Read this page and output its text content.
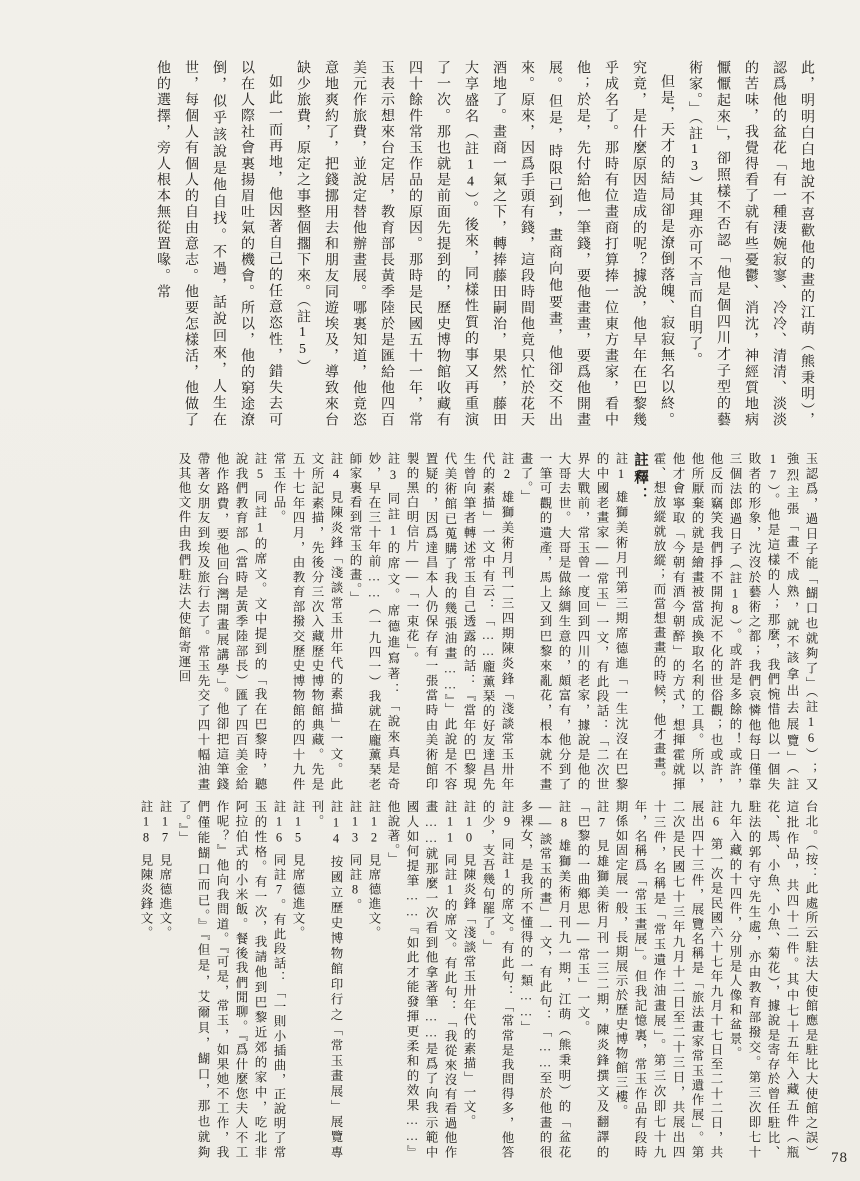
此，明明白白地說不喜歡他的畫的江萌（熊秉明），認爲他的盆花「有一種淒婉寂寥、冷冷、清清、淡淡的苦味，我覺得看了就有些憂鬱、消沈，神經質地病懨懨起來」，卻照樣不否認「他是個四川才子型的藝術家。」（註13）其理亦可不言而自明了。

但是，天才的結局卻是潦倒落魄、寂寂無名以終。究竟，是什麼原因造成的呢？據說，他早年在巴黎幾乎成名了。那時有位畫商打算捧一位東方畫家，看中他；於是，先付給他一筆錢，要他畫畫，要爲他開畫展。但是，時限已到，畫商向他要畫，他卻交不出來。原來，因爲手頭有錢，這段時間他竟只忙於花天酒地了。畫商一氣之下，轉捧藤田嗣治，果然，藤田大享盛名（註14）。後來，同樣性質的事又再重演了一次。那也就是前面先提到的，歷史博物館收藏有四十餘件常玉作品的原因。那時是民國五十一年，常玉表示想來台定居，教育部長黃季陸於是匯給他四百美元作旅費，並說定替他辦畫展。哪裏知道，他竟恣意地爽約了，把錢挪用去和朋友同遊埃及，導致來台缺少旅費，原定之事整個擱下來。（註15）

如此一而再地，他因著自己的任意恣性，錯失去可以在人際社會裏揚眉吐氣的機會。所以，他的窮途潦倒，似乎該說是他自找。不過，話說回來，人生在世，每個人有個人的自由意志。他要怎樣活，他做了他的選擇，旁人根本無從置喙。常

玉認爲，過日子能「餬口也就夠了」（註16）；又強烈主張「畫不成熟，就不該拿出去展覽」（註17）。他是這樣的人；那麼，我們惋惜他以一個失敗者的形象，沈沒於藝術之都；我們哀憐他每日僅靠三個法郎過日子（註18）。或許是多餘的！或許，他反而竊笑我們掙不開拘泥不化的世俗觀；也或許，他所厭棄的就是繪畫被當成換取名利的工具。所以，他才會寧取「今朝有酒今朝醉」的方式，想揮霍就揮霍、想放縱就放縱；而當想畫畫的時候，他才畫畫。

註釋：

註1雄獅美術月刊第三期席德進「一生沈沒在巴黎的中國老畫家——常玉」一文，有此段話：「二次世界大戰前，常玉曾一度回到四川的老家，據說是他的大哥去世。大哥是做絲綢生意的，頗富有，他分到了一筆可觀的遺產，馬上又到巴黎來亂花，根本就不畫畫了。」

註2雄獅美術月刊一三四期陳炎鋒「淺談常玉卅年代的素描」一文中有云：「……龐薰琹的好友達昌先生曾向筆者轉述常玉自己透露的話：『當年的巴黎現代美術館已蒐購了我的幾張油畫……』」此說是不容置疑的，因爲達昌本人仍保存有一張當時由美術館印製的黑白明信片——「一束花」。

註3同註1的席文。席德進寫著：「說來真是奇妙，早在三十年前……（一九四一）我就在龐薰琹老師家裏看到常玉的畫。」

註4見陳炎鋒「淺談常玉卅年代的素描」一文。此文所記素描，先後分三次入藏歷史博物館典藏。先是五十七年四月，由教育部撥交歷史博物館的四十九件常玉作品。

註5同註1的席文。文中提到的「我在巴黎時，聽說我們教育部（當時是黃季陸部長）匯了四百美金給他作路費，要他回台灣開畫展講學」。他卻把這筆錢帶著女朋友到埃及旅行去了。常玉先交了四十幅油畫及其他文件由我們駐法大使館寄運回

台北。（按：此處所云駐法大使館應是駐比大使館之誤）這批作品，共四十二件。其中七十五年入藏五件（瓶花、馬、小魚、小魚、菊花），據說是寄存於曾任駐比、駐法的郭有守先生處，亦由教育部撥交。第三次即七十九年入藏的十四件，分別是人像和盆景。

註6第一次是民國六十七年九月十七日至二十二日，共展出四十三件，展覽名稱是「旅法畫家常玉遺作展」。第二次是民國七十三年九月十二日至二十三日，共展出四十三件，名稱是「常玉遺作油畫展」。第三次即七十九年，名稱爲「常玉畫展」。但我記憶裏，常玉作品有段時期係如固定展一般，長期展示於歷史博物館三樓。

註7見雄獅美術月刊一三二期，陳炎鋒撰文及翻譯的「巴黎的一曲鄉思——常玉」一文。

註8雄獅美術月刊九一期，江萌（熊秉明）的「盆花——談常玉的畫」一文，有此句：「……至於他畫的很多裸女，是我所不懂得的一類……」

註9同註1的席文。有此句：「常常是我問得多，他答的少，支吾幾句罷了。」

註10見陳炎鋒「淺談常玉卅年代的素描」一文。

註11同註1的席文。有此句：「我從來沒有看過他作畫……就那麼一次看到他拿著筆……是爲了向我示範中國人如何提筆……『如此才能發揮更柔和的效果……』他說著。」

註12見席德進文。

註13同註8。

註14按國立歷史博物館印行之「常玉畫展」展覽專刊。

註15見席德進文。

註16同註7。有此段話：「一則小插曲，正說明了常玉的性格。有一次，我請他到巴黎近郊的家中，吃北非阿拉伯式的小米飯。餐後我們閒聊。『爲什麼您夫人不工作呢？』他向我問道。『可是，常玉，如果她不工作，我們僅能餬口而已。』『但是，艾爾貝，餬口，那也就夠了。』」

註17見席德進文。

註18見陳炎鋒文。

78
